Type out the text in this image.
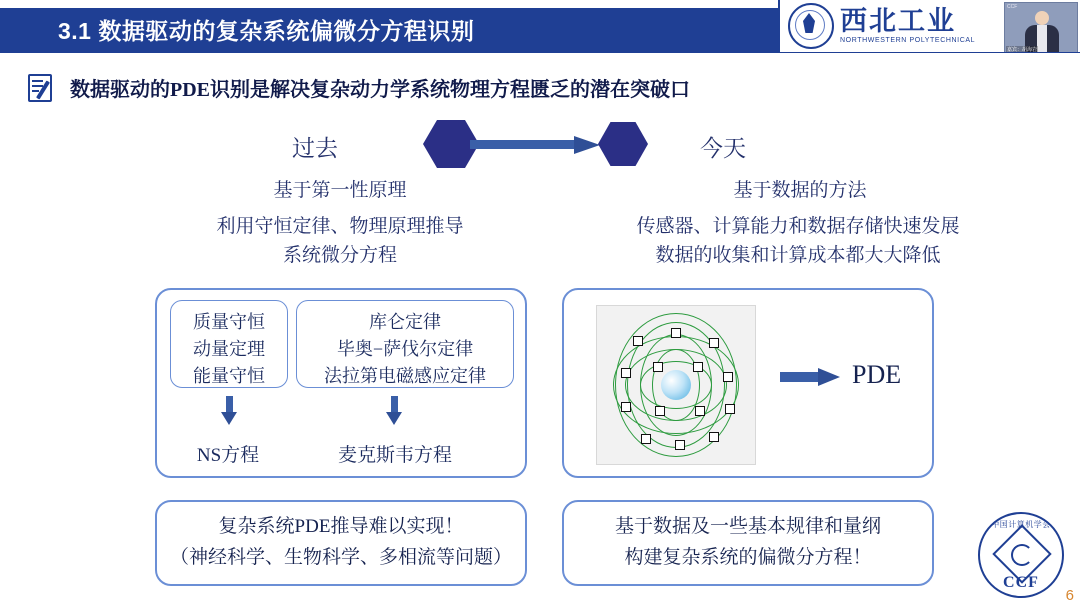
3.1 数据驱动的复杂系统偏微分方程识别	西北工业
NORTHWESTERN POLYTECHNICAL
CCF
嘉宾：胡海岩
数据驱动的PDE识别是解决复杂动力学系统物理方程匮乏的潜在突破口
过去	今天
基于第一性原理	基于数据的方法
利用守恒定律、物理原理推导
系统微分方程
传感器、计算能力和数据存储快速发展
数据的收集和计算成本都大大降低
质量守恒
动量定理
能量守恒
库仑定律
毕奥−萨伐尔定律
法拉第电磁感应定律
NS方程	麦克斯韦方程
PDE
复杂系统PDE推导难以实现！
（神经科学、生物科学、多相流等问题）
基于数据及一些基本规律和量纲
构建复杂系统的偏微分方程！
中国计算机学会
CCF
6
